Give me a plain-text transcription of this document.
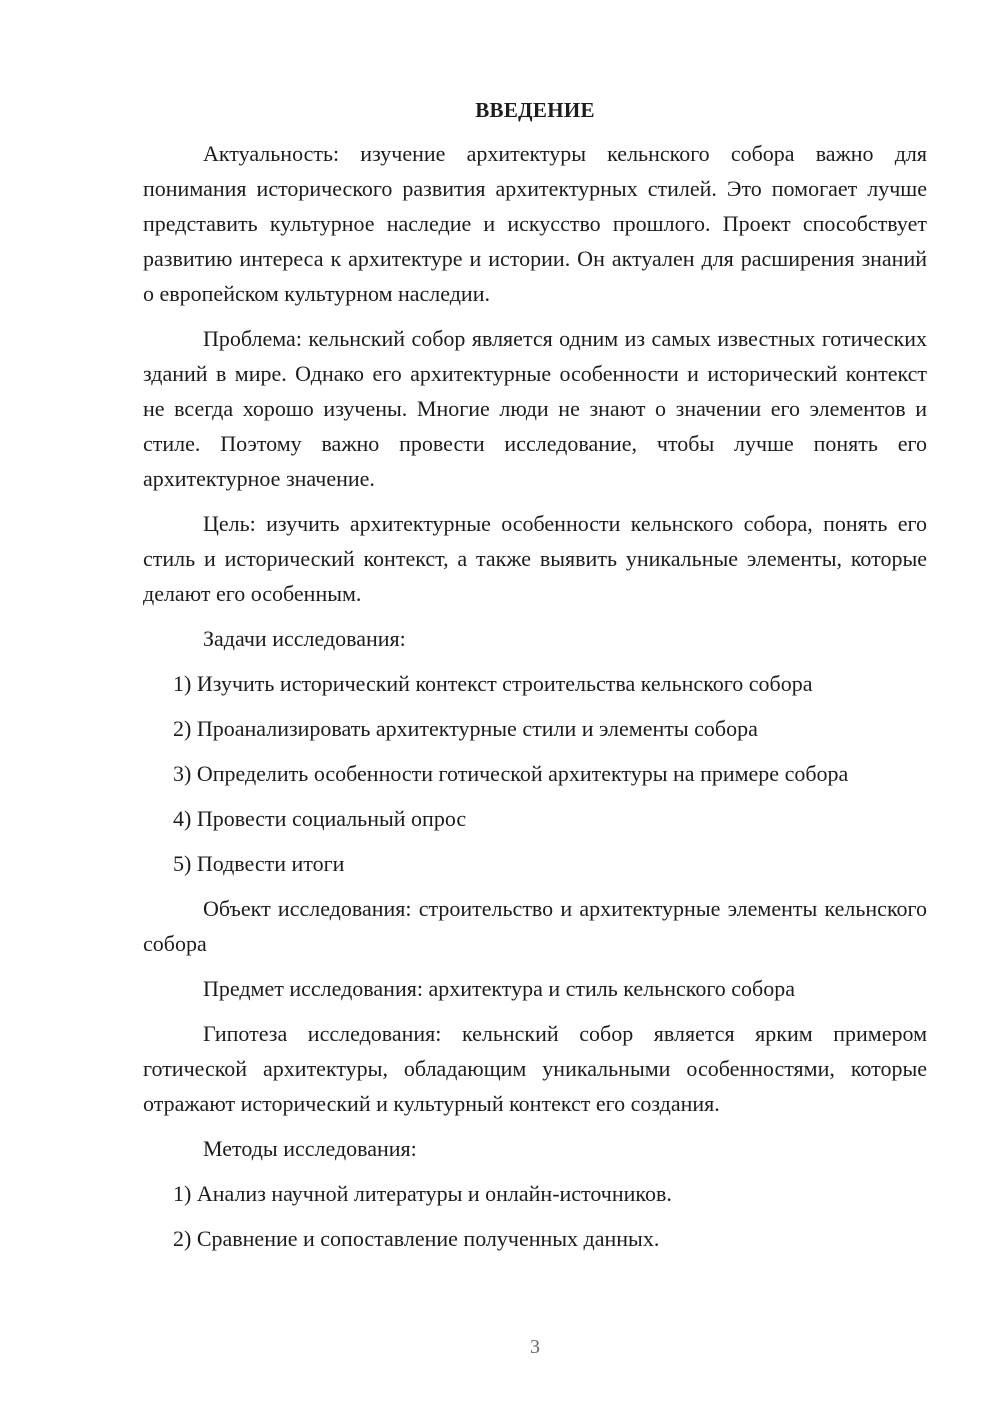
ВВЕДЕНИЕ

Актуальность: изучение архитектуры кельнского собора важно для понимания исторического развития архитектурных стилей. Это помогает лучше представить культурное наследие и искусство прошлого. Проект способствует развитию интереса к архитектуре и истории. Он актуален для расширения знаний о европейском культурном наследии.

Проблема: кельнский собор является одним из самых известных готических зданий в мире. Однако его архитектурные особенности и исторический контекст не всегда хорошо изучены. Многие люди не знают о значении его элементов и стиле. Поэтому важно провести исследование, чтобы лучше понять его архитектурное значение.

Цель: изучить архитектурные особенности кельнского собора, понять его стиль и исторический контекст, а также выявить уникальные элементы, которые делают его особенным.

Задачи исследования:

1) Изучить исторический контекст строительства кельнского собора

2) Проанализировать архитектурные стили и элементы собора

3) Определить особенности готической архитектуры на примере собора

4) Провести социальный опрос

5) Подвести итоги

Объект исследования: строительство и архитектурные элементы кельнского собора

Предмет исследования: архитектура и стиль кельнского собора

Гипотеза исследования: кельнский собор является ярким примером готической архитектуры, обладающим уникальными особенностями, которые отражают исторический и культурный контекст его создания.

Методы исследования:

1) Анализ научной литературы и онлайн-источников.

2) Сравнение и сопоставление полученных данных.

3
